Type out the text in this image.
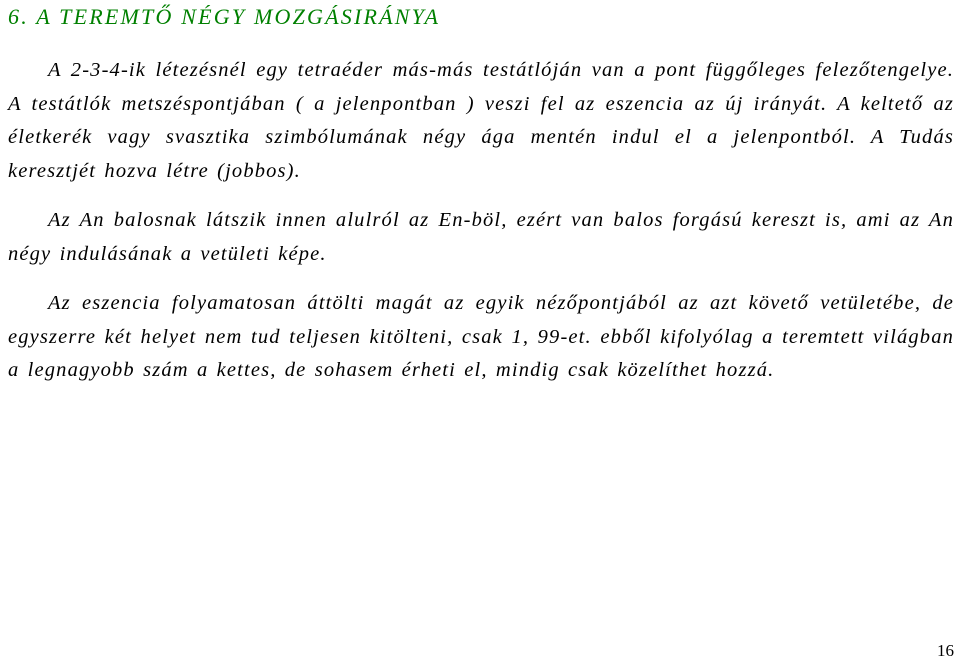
6. A TEREMTŐ NÉGY MOZGÁSIRÁNYA

A 2-3-4-ik létezésnél egy tetraéder más-más testátlóján van a pont függőleges felezőtengelye. A testátlók metszéspontjában ( a jelenpontban ) veszi fel az eszencia az új irányát. A keltető az életkerék vagy svasztika szimbólumának négy ága mentén indul el a jelenpontból. A Tudás keresztjét hozva létre (jobbos).

Az An balosnak látszik innen alulról az En-böl, ezért van balos forgású kereszt is, ami az An négy indulásának a vetületi képe.

Az eszencia folyamatosan áttölti magát az egyik nézőpontjából az azt követő vetületébe, de egyszerre két helyet nem tud teljesen kitölteni, csak 1, 99-et. ebből kifolyólag a teremtett világban a legnagyobb szám a kettes, de sohasem érheti el, mindig csak közelíthet hozzá.

16
